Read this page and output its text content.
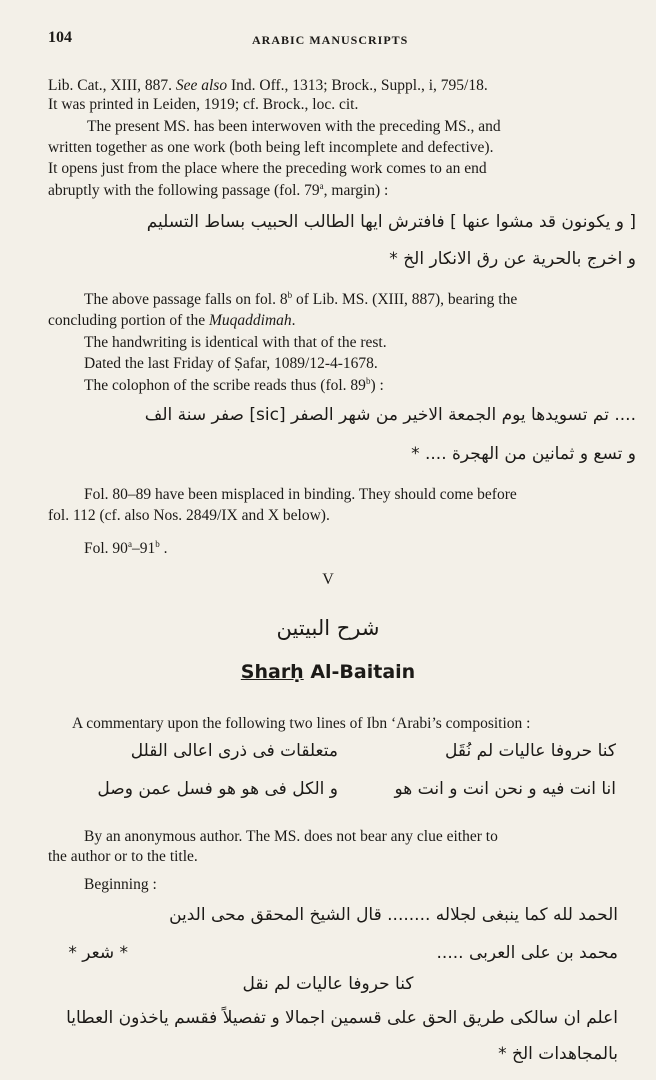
104	ARABIC MANUSCRIPTS
Lib. Cat., XIII, 887. See also Ind. Off., 1313; Brock., Suppl., i, 795/18.
It was printed in Leiden, 1919; cf. Brock., loc. cit.
The present MS. has been interwoven with the preceding MS., and
written together as one work (both being left incomplete and defective).
It opens just from the place where the preceding work comes to an end
abruptly with the following passage (fol. 79$^a$, margin) :
[ و يكونون قد مشوا عنها ] فافترش ايها الطالب الحبيب بساط التسليم
و اخرج بالحرية عن رق الانكار الخ *
The above passage falls on fol. 8$^b$ of Lib. MS. (XIII, 887), bearing the
concluding portion of the Muqaddimah.
The handwriting is identical with that of the rest.
Dated the last Friday of Ṣafar, 1089/12-4-1678.
The colophon of the scribe reads thus (fol. 89$^b$) :
.... تم تسويدها يوم الجمعة الاخير من شهر الصفر [sic] صفر سنة الف
و تسع و ثمانين من الهجرة .... *
Fol. 80–89 have been misplaced in binding. They should come before
fol. 112 (cf. also Nos. 2849/IX and X below).
Fol. 90$^a$–91$^b$ .
V
شرح البيتين
Sharḥ Al-Baitain
A commentary upon the following two lines of Ibn ‘Arabi’s composition :
كنا حروفا عاليات لم نُقَل
متعلقات فى ذرى اعالى القلل
انا انت فيه و نحن انت و انت هو
و الكل فى هو هو فسل عمن وصل
By an anonymous author. The MS. does not bear any clue either to
the author or to the title.
Beginning :
الحمد لله كما ينبغى لجلاله ........ قال الشيخ المحقق محى الدين
محمد بن على العربى .....
* شعر *
كنا حروفا عاليات لم نقل
اعلم ان سالكى طريق الحق على قسمين اجمالا و تفصيلاً فقسم ياخذون العطايا
بالمجاهدات الخ *
